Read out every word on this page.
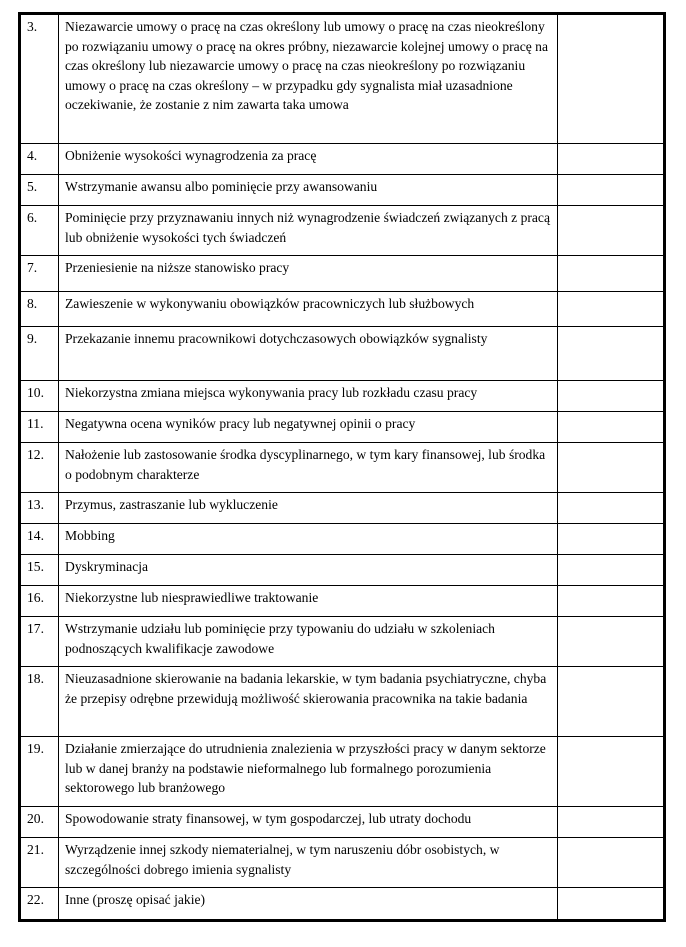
3.	Niezawarcie umowy o pracę na czas określony lub umowy o pracę na czas nieokreślony po rozwiązaniu umowy o pracę na okres próbny, niezawarcie kolejnej umowy o pracę na czas określony lub niezawarcie umowy o pracę na czas nieokreślony po rozwiązaniu umowy o pracę na czas określony – w przypadku gdy sygnalista miał uzasadnione oczekiwanie, że zostanie z nim zawarta taka umowa	
4.	Obniżenie wysokości wynagrodzenia za pracę	
5.	Wstrzymanie awansu albo pominięcie przy awansowaniu	
6.	Pominięcie przy przyznawaniu innych niż wynagrodzenie świadczeń związanych z pracą lub obniżenie wysokości tych świadczeń	
7.	Przeniesienie na niższe stanowisko pracy	
8.	Zawieszenie w wykonywaniu obowiązków pracowniczych lub służbowych	
9.	Przekazanie innemu pracownikowi dotychczasowych obowiązków sygnalisty	
10.	Niekorzystna zmiana miejsca wykonywania pracy lub rozkładu czasu pracy	
11.	Negatywna ocena wyników pracy lub negatywnej opinii o pracy	
12.	Nałożenie lub zastosowanie środka dyscyplinarnego, w tym kary finansowej, lub środka o podobnym charakterze	
13.	Przymus, zastraszanie lub wykluczenie	
14.	Mobbing	
15.	Dyskryminacja	
16.	Niekorzystne lub niesprawiedliwe traktowanie	
17.	Wstrzymanie udziału lub pominięcie przy typowaniu do udziału w szkoleniach podnoszących kwalifikacje zawodowe	
18.	Nieuzasadnione skierowanie na badania lekarskie, w tym badania psychiatryczne, chyba że przepisy odrębne przewidują możliwość skierowania pracownika na takie badania	
19.	Działanie zmierzające do utrudnienia znalezienia w przyszłości pracy w danym sektorze lub w danej branży na podstawie nieformalnego lub formalnego porozumienia sektorowego lub branżowego	
20.	Spowodowanie straty finansowej, w tym gospodarczej, lub utraty dochodu	
21.	Wyrządzenie innej szkody niematerialnej, w tym naruszeniu dóbr osobistych, w szczególności dobrego imienia sygnalisty	
22.	Inne (proszę opisać jakie)	
